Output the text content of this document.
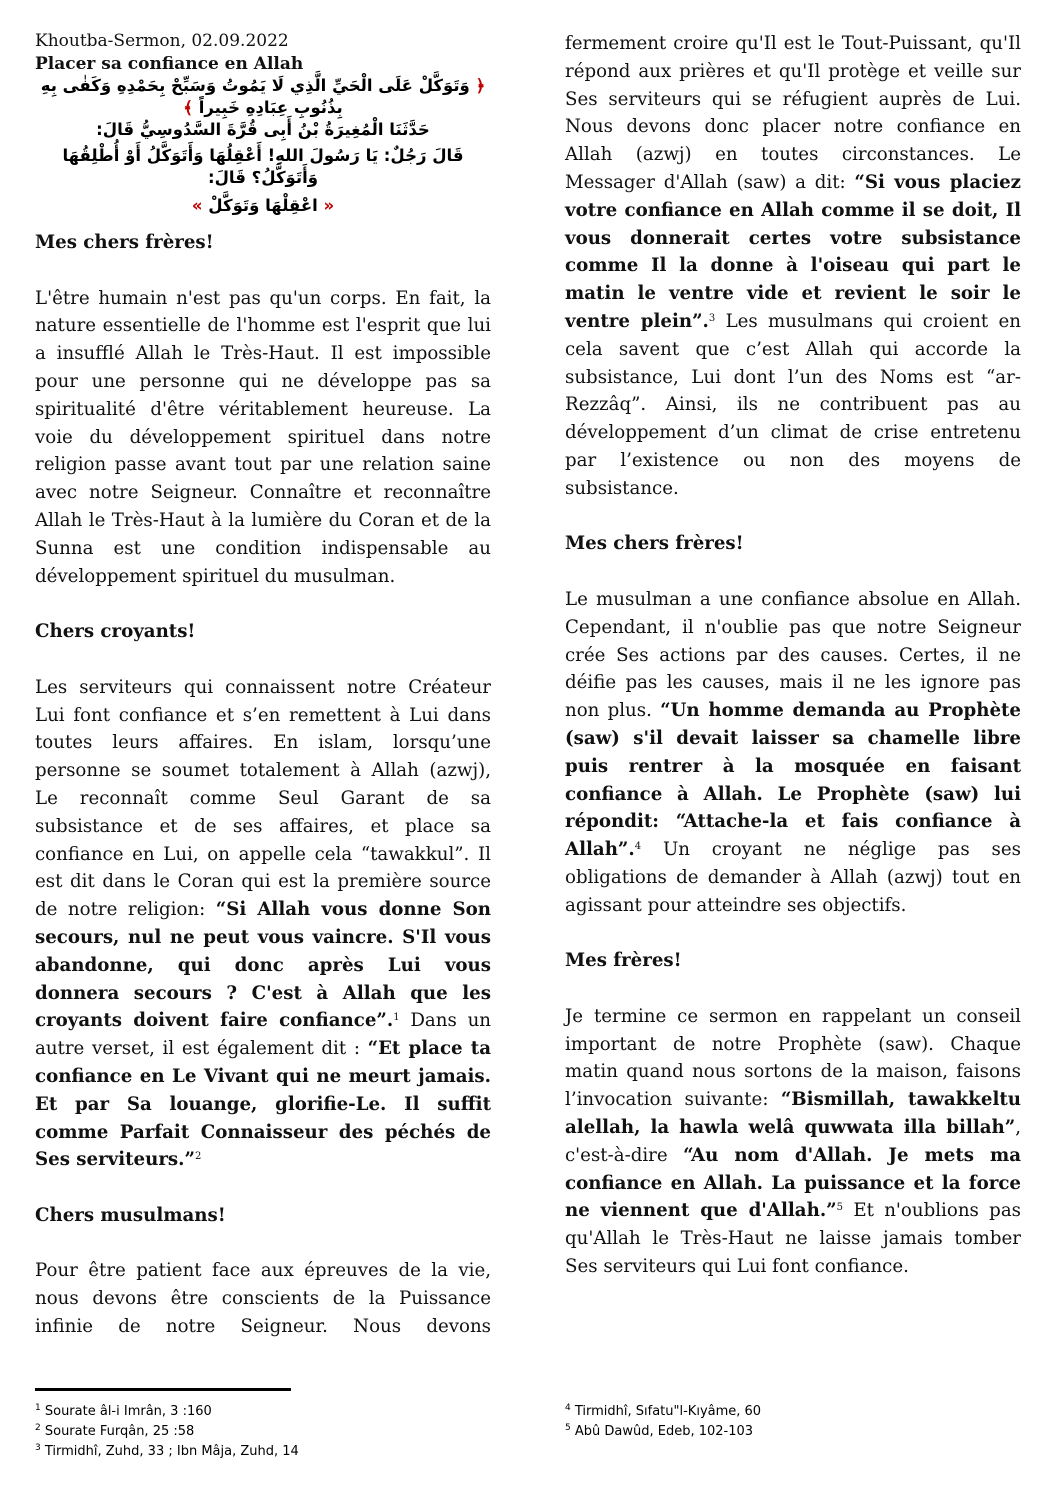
Khoutba-Sermon, 02.09.2022
Placer sa confiance en Allah
﴿ وَتَوَكَّلْ عَلَى الْحَيِّ الَّذِي لَا يَمُوتُ وَسَبِّحْ بِحَمْدِهِ وَكَفٰى بِهِ بِذُنُوبِ عِبَادِهِ خَبِيراً ﴾
حَدَّثَنَا الْمُغِيرَةُ بْنُ أَبِى قُرَّةَ السَّدُوسِيُّ قَالَ:
قَالَ رَجُلٌ: يَا رَسُولَ اللهِ! أَعْقِلُهَا وَأَتَوَكَّلُ أَوْ أُطْلِقُهَا وَأَتَوَكَّلُ؟ قَالَ:
« اعْقِلْهَا وَتَوَكَّلْ »

Mes chers frères!

L'être humain n'est pas qu'un corps. En fait, la nature essentielle de l'homme est l'esprit que lui a insufflé Allah le Très-Haut. Il est impossible pour une personne qui ne développe pas sa spiritualité d'être véritablement heureuse. La voie du développement spirituel dans notre religion passe avant tout par une relation saine avec notre Seigneur. Connaître et reconnaître Allah le Très-Haut à la lumière du Coran et de la Sunna est une condition indispensable au développement spirituel du musulman.

Chers croyants!

Les serviteurs qui connaissent notre Créateur Lui font confiance et s’en remettent à Lui dans toutes leurs affaires. En islam, lorsqu’une personne se soumet totalement à Allah (azwj), Le reconnaît comme Seul Garant de sa subsistance et de ses affaires, et place sa confiance en Lui, on appelle cela “tawakkul”. Il est dit dans le Coran qui est la première source de notre religion: “Si Allah vous donne Son secours, nul ne peut vous vaincre. S'Il vous abandonne, qui donc après Lui vous donnera secours ? C'est à Allah que les croyants doivent faire confiance”.$^1$ Dans un autre verset, il est également dit : “Et place ta confiance en Le Vivant qui ne meurt jamais. Et par Sa louange, glorifie-Le. Il suffit comme Parfait Connaisseur des péchés de Ses serviteurs.”$^2$

Chers musulmans!

Pour être patient face aux épreuves de la vie, nous devons être conscients de la Puissance infinie de notre Seigneur. Nous devons

fermement croire qu'Il est le Tout-Puissant, qu'Il répond aux prières et qu'Il protège et veille sur Ses serviteurs qui se réfugient auprès de Lui. Nous devons donc placer notre confiance en Allah (azwj) en toutes circonstances. Le Messager d'Allah (saw) a dit: “Si vous placiez votre confiance en Allah comme il se doit, Il vous donnerait certes votre subsistance comme Il la donne à l'oiseau qui part le matin le ventre vide et revient le soir le ventre plein”.$^3$ Les musulmans qui croient en cela savent que c’est Allah qui accorde la subsistance, Lui dont l’un des Noms est “ar-Rezzâq”. Ainsi, ils ne contribuent pas au développement d’un climat de crise entretenu par l’existence ou non des moyens de subsistance.

Mes chers frères!

Le musulman a une confiance absolue en Allah. Cependant, il n'oublie pas que notre Seigneur crée Ses actions par des causes. Certes, il ne déifie pas les causes, mais il ne les ignore pas non plus. “Un homme demanda au Prophète (saw) s'il devait laisser sa chamelle libre puis rentrer à la mosquée en faisant confiance à Allah. Le Prophète (saw) lui répondit: “Attache-la et fais confiance à Allah”.$^4$ Un croyant ne néglige pas ses obligations de demander à Allah (azwj) tout en agissant pour atteindre ses objectifs.

Mes frères!

Je termine ce sermon en rappelant un conseil important de notre Prophète (saw). Chaque matin quand nous sortons de la maison, faisons l’invocation suivante: “Bismillah, tawakkeltu alellah, la hawla welâ quwwata illa billah”, c'est-à-dire “Au nom d'Allah. Je mets ma confiance en Allah. La puissance et la force ne viennent que d'Allah.”$^5$ Et n'oublions pas qu'Allah le Très-Haut ne laisse jamais tomber Ses serviteurs qui Lui font confiance.

$^1$ Sourate âl-i Imrân, 3 :160
$^2$ Sourate Furqân, 25 :58
$^3$ Tirmidhî, Zuhd, 33 ; Ibn Mâja, Zuhd, 14
$^4$ Tirmidhî, Sıfatu"l-Kıyâme, 60
$^5$ Abû Dawûd, Edeb, 102-103
